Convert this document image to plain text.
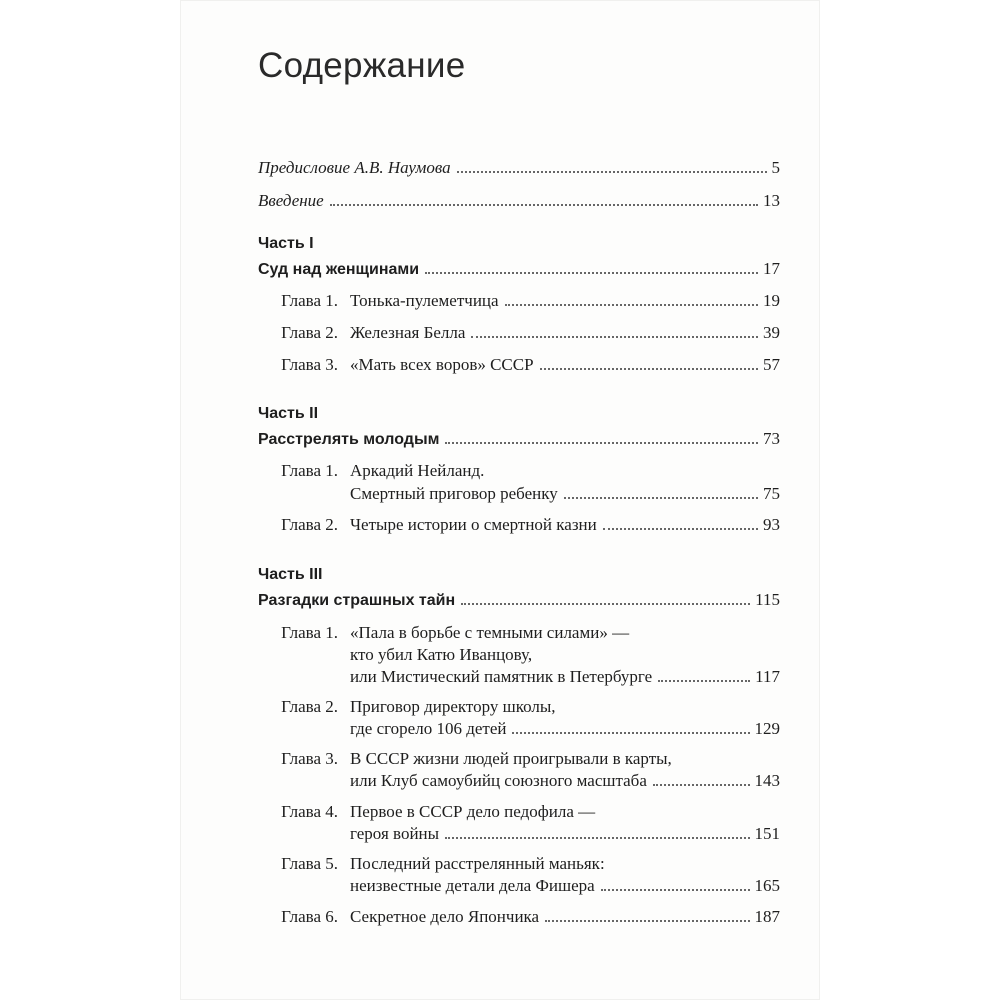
Содержание
Предисловие А.В. Наумова	5
Введение	13
Часть I
Суд над женщинами	17
Глава 1. Тонька-пулеметчица	19
Глава 2. Железная Белла	39
Глава 3. «Мать всех воров» СССР	57
Часть II
Расстрелять молодым	73
Глава 1. Аркадий Нейланд.
Смертный приговор ребенку	75
Глава 2. Четыре истории о смертной казни	93
Часть III
Разгадки страшных тайн	115
Глава 1. «Пала в борьбе с темными силами» —
кто убил Катю Иванцову,
или Мистический памятник в Петербурге	117
Глава 2. Приговор директору школы,
где сгорело 106 детей	129
Глава 3. В СССР жизни людей проигрывали в карты,
или Клуб самоубийц союзного масштаба	143
Глава 4. Первое в СССР дело педофила —
героя войны	151
Глава 5. Последний расстрелянный маньяк:
неизвестные детали дела Фишера	165
Глава 6. Секретное дело Япончика	187
